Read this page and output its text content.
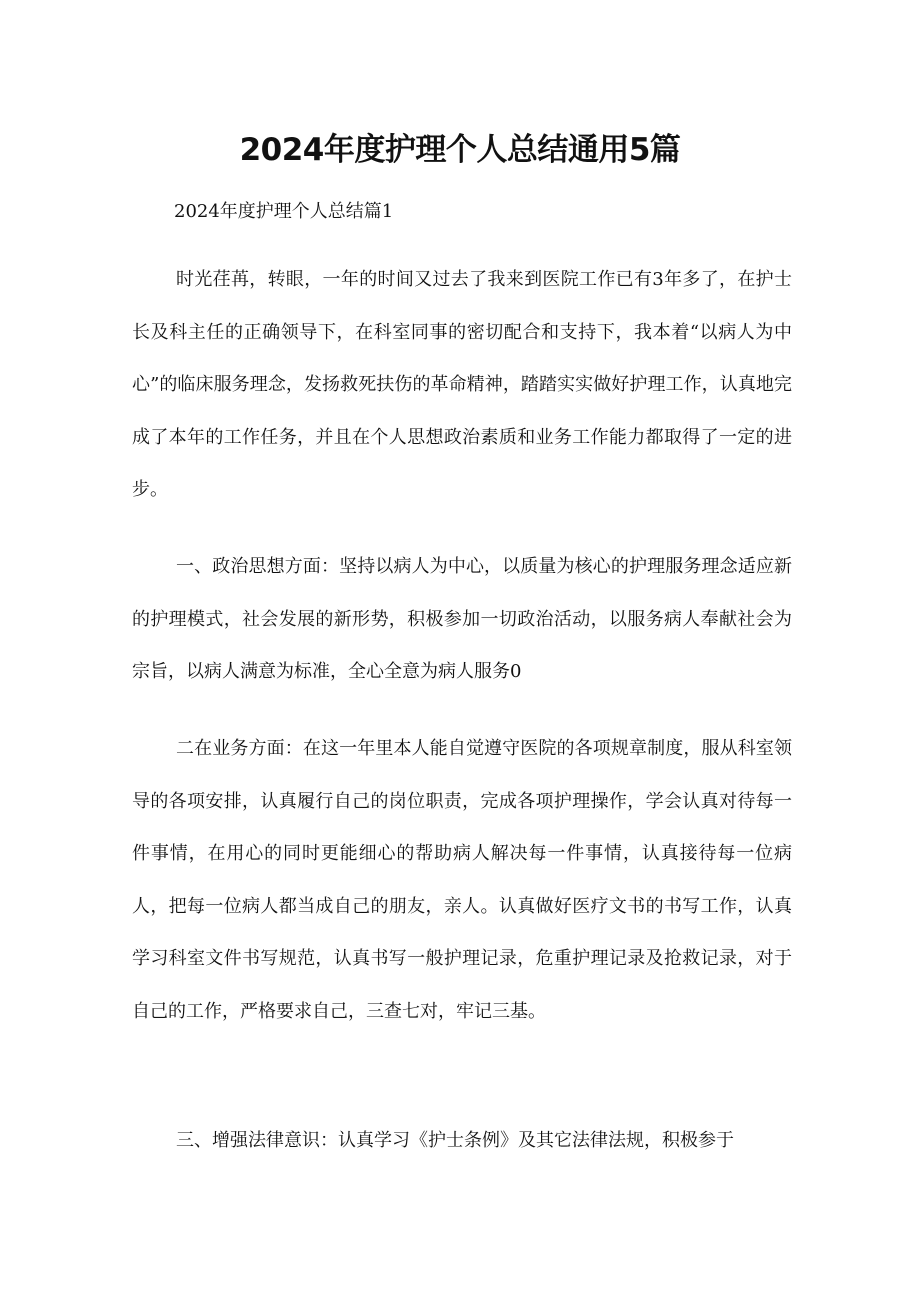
2024年度护理个人总结通用5篇
2024年度护理个人总结篇1

时光荏苒，转眼，一年的时间又过去了我来到医院工作已有3年多了，在护士长及科主任的正确领导下，在科室同事的密切配合和支持下，我本着“以病人为中心”的临床服务理念，发扬救死扶伤的革命精神，踏踏实实做好护理工作，认真地完成了本年的工作任务，并且在个人思想政治素质和业务工作能力都取得了一定的进步。

一、政治思想方面：坚持以病人为中心，以质量为核心的护理服务理念适应新的护理模式，社会发展的新形势，积极参加一切政治活动，以服务病人奉献社会为宗旨，以病人满意为标准，全心全意为病人服务0

二在业务方面：在这一年里本人能自觉遵守医院的各项规章制度，服从科室领导的各项安排，认真履行自己的岗位职责，完成各项护理操作，学会认真对待每一件事情，在用心的同时更能细心的帮助病人解决每一件事情，认真接待每一位病人，把每一位病人都当成自己的朋友，亲人。认真做好医疗文书的书写工作，认真学习科室文件书写规范，认真书写一般护理记录，危重护理记录及抢救记录，对于自己的工作，严格要求自己，三查七对，牢记三基。

三、增强法律意识：认真学习《护士条例》及其它法律法规，积极参于
